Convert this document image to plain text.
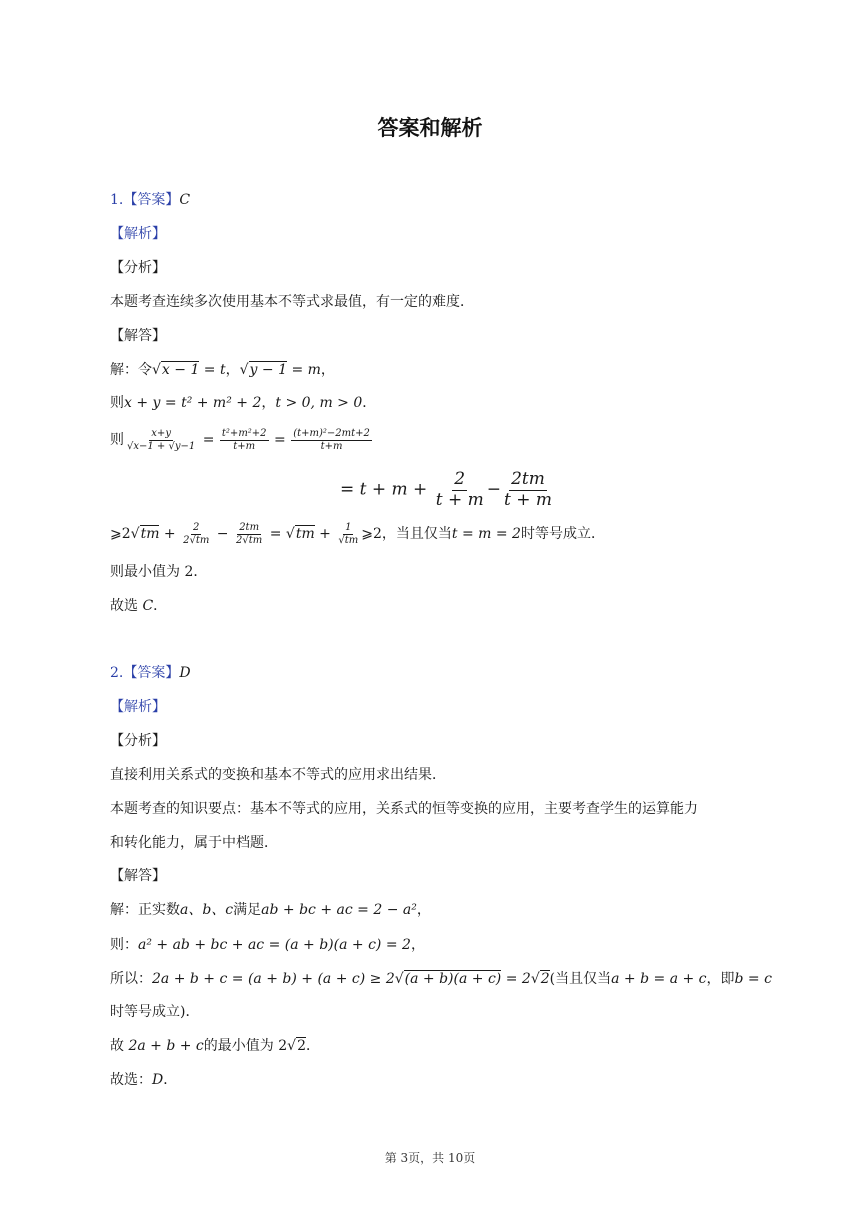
答案和解析
1.【答案】C
【解析】
【分析】
本题考查连续多次使用基本不等式求最值，有一定的难度．
【解答】
解：令√x − 1 = t，√y − 1 = m，
则x + y = t² + m² + 2，t > 0, m > 0．
则 $\frac{x+y}{√x-1 + √y-1} = \frac{\text{t²+m²+2}}{t+m} = \frac{\text{(t+m)²−2mt+2}}{t+m}$
= $t + m + \frac{2}{t + m} - \frac{2tm}{t + m}$
⩾2√tm + $\frac{2}{2√tm} - \frac{2tm}{2√tm} = √tm + \frac{1}{√tm}$ ⩾2，当且仅当t = m = 2时等号成立．
则最小值为 2．
故选 C．
2.【答案】D
【解析】
【分析】
直接利用关系式的变换和基本不等式的应用求出结果．
本题考查的知识要点：基本不等式的应用，关系式的恒等变换的应用，主要考查学生的运算能力
和转化能力，属于中档题．
【解答】
解：正实数a、b、c满足ab + bc + ac = 2 − a²，
则：a² + ab + bc + ac = (a + b)(a + c) = 2，
所以：2a + b + c = (a + b) + (a + c) ≥ 2√(a + b)(a + c) = 2√2(当且仅当a + b = a + c，即b = c
时等号成立)．
故 2a + b + c的最小值为 2√2．
故选：D．
第 3页，共 10页
